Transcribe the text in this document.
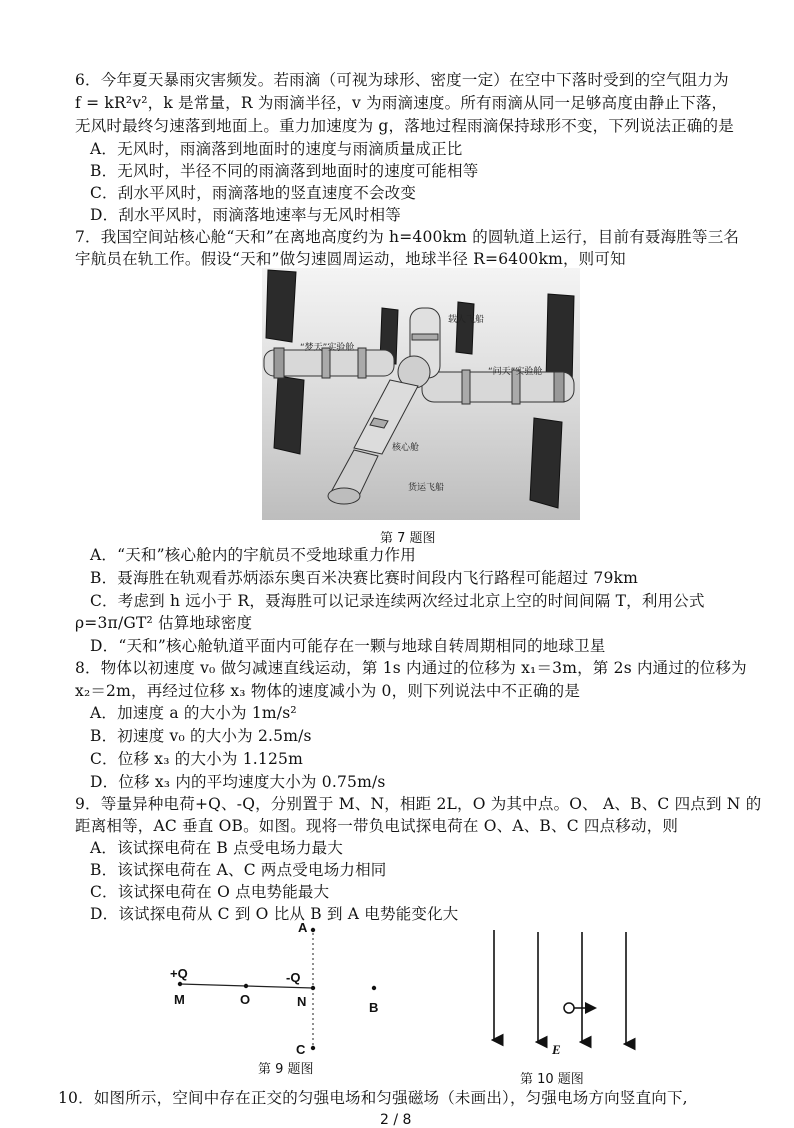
6．今年夏天暴雨灾害频发。若雨滴（可视为球形、密度一定）在空中下落时受到的空气阻力为
f = kR²v²，k 是常量，R 为雨滴半径，v 为雨滴速度。所有雨滴从同一足够高度由静止下落，
无风时最终匀速落到地面上。重力加速度为 g，落地过程雨滴保持球形不变，下列说法正确的是
A．无风时，雨滴落到地面时的速度与雨滴质量成正比
B．无风时，半径不同的雨滴落到地面时的速度可能相等
C．刮水平风时，雨滴落地的竖直速度不会改变
D．刮水平风时，雨滴落地速率与无风时相等
7．我国空间站核心舱“天和”在离地高度约为 h=400km 的圆轨道上运行，目前有聂海胜等三名
宇航员在轨工作。假设“天和”做匀速圆周运动，地球半径 R=6400km，则可知
载人飞船
“梦天”实验舱
“问天”实验舱
核心舱
货运飞船
第 7 题图
A．“天和”核心舱内的宇航员不受地球重力作用
B．聂海胜在轨观看苏炳添东奥百米决赛比赛时间段内飞行路程可能超过 79km
C．考虑到 h 远小于 R，聂海胜可以记录连续两次经过北京上空的时间间隔 T，利用公式
ρ=3π/GT² 估算地球密度
D．“天和”核心舱轨道平面内可能存在一颗与地球自转周期相同的地球卫星
8．物体以初速度 v₀ 做匀减速直线运动，第 1s 内通过的位移为 x₁＝3m，第 2s 内通过的位移为
x₂＝2m，再经过位移 x₃ 物体的速度减小为 0，则下列说法中不正确的是
A．加速度 a 的大小为 1m/s²
B．初速度 v₀ 的大小为 2.5m/s
C．位移 x₃ 的大小为 1.125m
D．位移 x₃ 内的平均速度大小为 0.75m/s
9．等量异种电荷+Q、-Q，分别置于 M、N，相距 2L，O 为其中点。O、 A、B、C 四点到 N 的
距离相等，AC 垂直 OB。如图。现将一带负电试探电荷在 O、A、B、C 四点移动，则
A．该试探电荷在 B 点受电场力最大
B．该试探电荷在 A、C 两点受电场力相同
C．该试探电荷在 O 点电势能最大
D．该试探电荷从 C 到 O 比从 B 到 A 电势能变化大
A
+Q	-Q
M	O	N	B
C
第 9 题图
E
第 10 题图
10．如图所示，空间中存在正交的匀强电场和匀强磁场（未画出），匀强电场方向竖直向下,
2 / 8
